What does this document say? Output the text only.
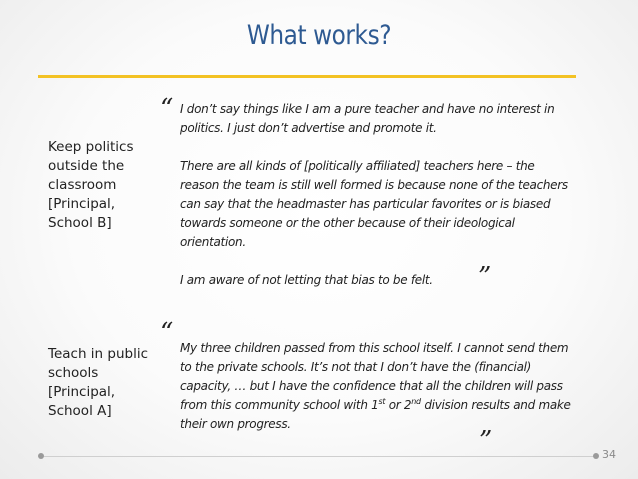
What works?
Keep politics
outside the
classroom
[Principal,
School B]
“ I don’t say things like I am a pure teacher and have no interest in politics. I just don’t advertise and promote it.

There are all kinds of [politically affiliated] teachers here – the reason the team is still well formed is because none of the teachers can say that the headmaster has particular favorites or is biased towards someone or the other because of their ideological orientation.

I am aware of not letting that bias to be felt.	”
Teach in public
schools
[Principal,
School A]
“ My three children passed from this school itself. I cannot send them to the private schools. It’s not that I don’t have the (financial) capacity, … but I have the confidence that all the children will pass from this community school with 1st or 2nd division results and make their own progress.

”	34
